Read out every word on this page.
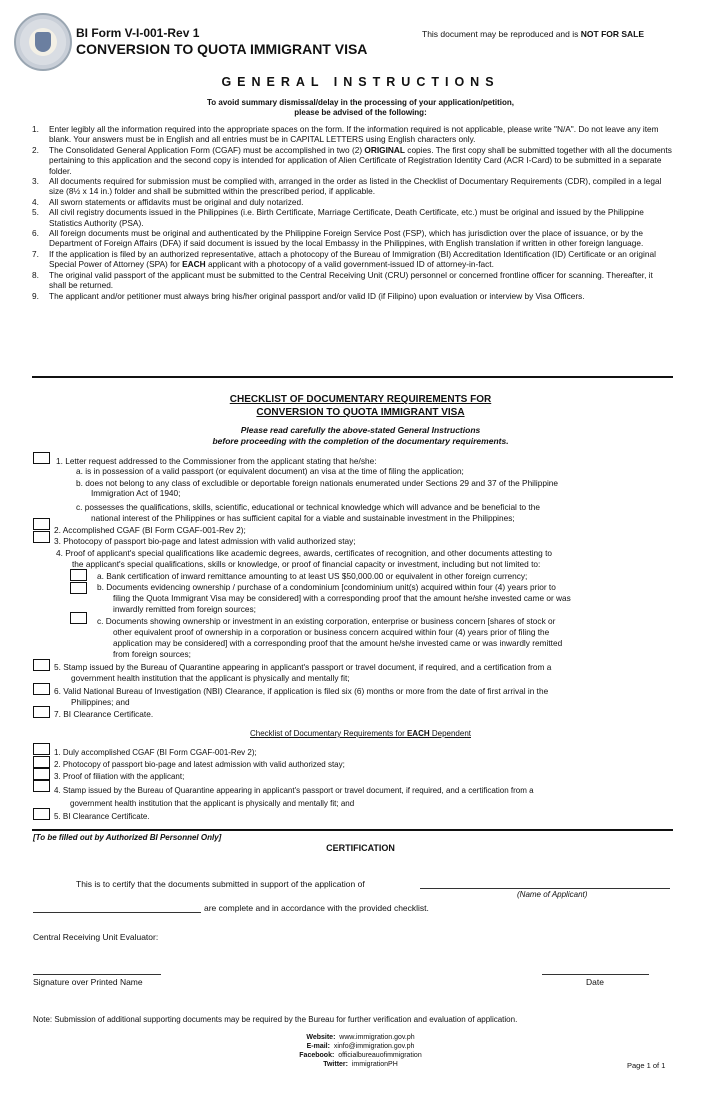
BI Form V-I-001-Rev 1
CONVERSION TO QUOTA IMMIGRANT VISA
This document may be reproduced and is NOT FOR SALE
GENERAL INSTRUCTIONS
To avoid summary dismissal/delay in the processing of your application/petition,
please be advised of the following:
1. Enter legibly all the information required into the appropriate spaces on the form. If the information required is not applicable, please write "N/A". Do not leave any item blank. Your answers must be in English and all entries must be in CAPITAL LETTERS using English characters only.
2. The Consolidated General Application Form (CGAF) must be accomplished in two (2) ORIGINAL copies. The first copy shall be submitted together with all the documents pertaining to this application and the second copy is intended for application of Alien Certificate of Registration Identity Card (ACR I-Card) to be submitted in a separate folder.
3. All documents required for submission must be complied with, arranged in the order as listed in the Checklist of Documentary Requirements (CDR), compiled in a legal size (8½ x 14 in.) folder and shall be submitted within the prescribed period, if applicable.
4. All sworn statements or affidavits must be original and duly notarized.
5. All civil registry documents issued in the Philippines (i.e. Birth Certificate, Marriage Certificate, Death Certificate, etc.) must be original and issued by the Philippine Statistics Authority (PSA).
6. All foreign documents must be original and authenticated by the Philippine Foreign Service Post (FSP), which has jurisdiction over the place of issuance, or by the Department of Foreign Affairs (DFA) if said document is issued by the local Embassy in the Philippines, with English translation if written in other foreign language.
7. If the application is filed by an authorized representative, attach a photocopy of the Bureau of Immigration (BI) Accreditation Identification (ID) Certificate or an original Special Power of Attorney (SPA) for EACH applicant with a photocopy of a valid government-issued ID of attorney-in-fact.
8. The original valid passport of the applicant must be submitted to the Central Receiving Unit (CRU) personnel or concerned frontline officer for scanning. Thereafter, it shall be returned.
9. The applicant and/or petitioner must always bring his/her original passport and/or valid ID (if Filipino) upon evaluation or interview by Visa Officers.
CHECKLIST OF DOCUMENTARY REQUIREMENTS FOR
CONVERSION TO QUOTA IMMIGRANT VISA
Please read carefully the above-stated General Instructions
before proceeding with the completion of the documentary requirements.
1. Letter request addressed to the Commissioner from the applicant stating that he/she:
a. is in possession of a valid passport (or equivalent document) an visa at the time of filing the application;
b. does not belong to any class of excludible or deportable foreign nationals enumerated under Sections 29 and 37 of the Philippine
Immigration Act of 1940;
c. possesses the qualifications, skills, scientific, educational or technical knowledge which will advance and be beneficial to the
national interest of the Philippines or has sufficient capital for a viable and sustainable investment in the Philippines;
2. Accomplished CGAF (BI Form CGAF-001-Rev 2);
3. Photocopy of passport bio-page and latest admission with valid authorized stay;
4. Proof of applicant's special qualifications like academic degrees, awards, certificates of recognition, and other documents attesting to
the applicant's special qualifications, skills or knowledge, or proof of financial capacity or investment, including but not limited to:
a. Bank certification of inward remittance amounting to at least US $50,000.00 or equivalent in other foreign currency;
b. Documents evidencing ownership / purchase of a condominium [condominium unit(s) acquired within four (4) years prior to
filing the Quota Immigrant Visa may be considered] with a corresponding proof that the amount he/she invested came or was
inwardly remitted from foreign sources;
c. Documents showing ownership or investment in an existing corporation, enterprise or business concern [shares of stock or
other equivalent proof of ownership in a corporation or business concern acquired within four (4) years prior of filing the
application may be considered] with a corresponding proof that the amount he/she invested came or was inwardly remitted
from foreign sources;
5. Stamp issued by the Bureau of Quarantine appearing in applicant's passport or travel document, if required, and a certification from a
government health institution that the applicant is physically and mentally fit;
6. Valid National Bureau of Investigation (NBI) Clearance, if application is filed six (6) months or more from the date of first arrival in the
Philippines; and
7. BI Clearance Certificate.
Checklist of Documentary Requirements for EACH Dependent
1. Duly accomplished CGAF (BI Form CGAF-001-Rev 2);
2. Photocopy of passport bio-page and latest admission with valid authorized stay;
3. Proof of filiation with the applicant;
4. Stamp issued by the Bureau of Quarantine appearing in applicant's passport or travel document, if required, and a certification from a
government health institution that the applicant is physically and mentally fit; and
5. BI Clearance Certificate.
[To be filled out by Authorized BI Personnel Only]
CERTIFICATION
This is to certify that the documents submitted in support of the application of
(Name of Applicant)
are complete and in accordance with the provided checklist.
Central Receiving Unit Evaluator:
Signature over Printed Name	Date
Note: Submission of additional supporting documents may be required by the Bureau for further verification and evaluation of application.
Website: www.immigration.gov.ph
E-mail: xinfo@immigration.gov.ph
Facebook: officialbureauofimmigration
Twitter: immigrationPH	Page 1 of 1
